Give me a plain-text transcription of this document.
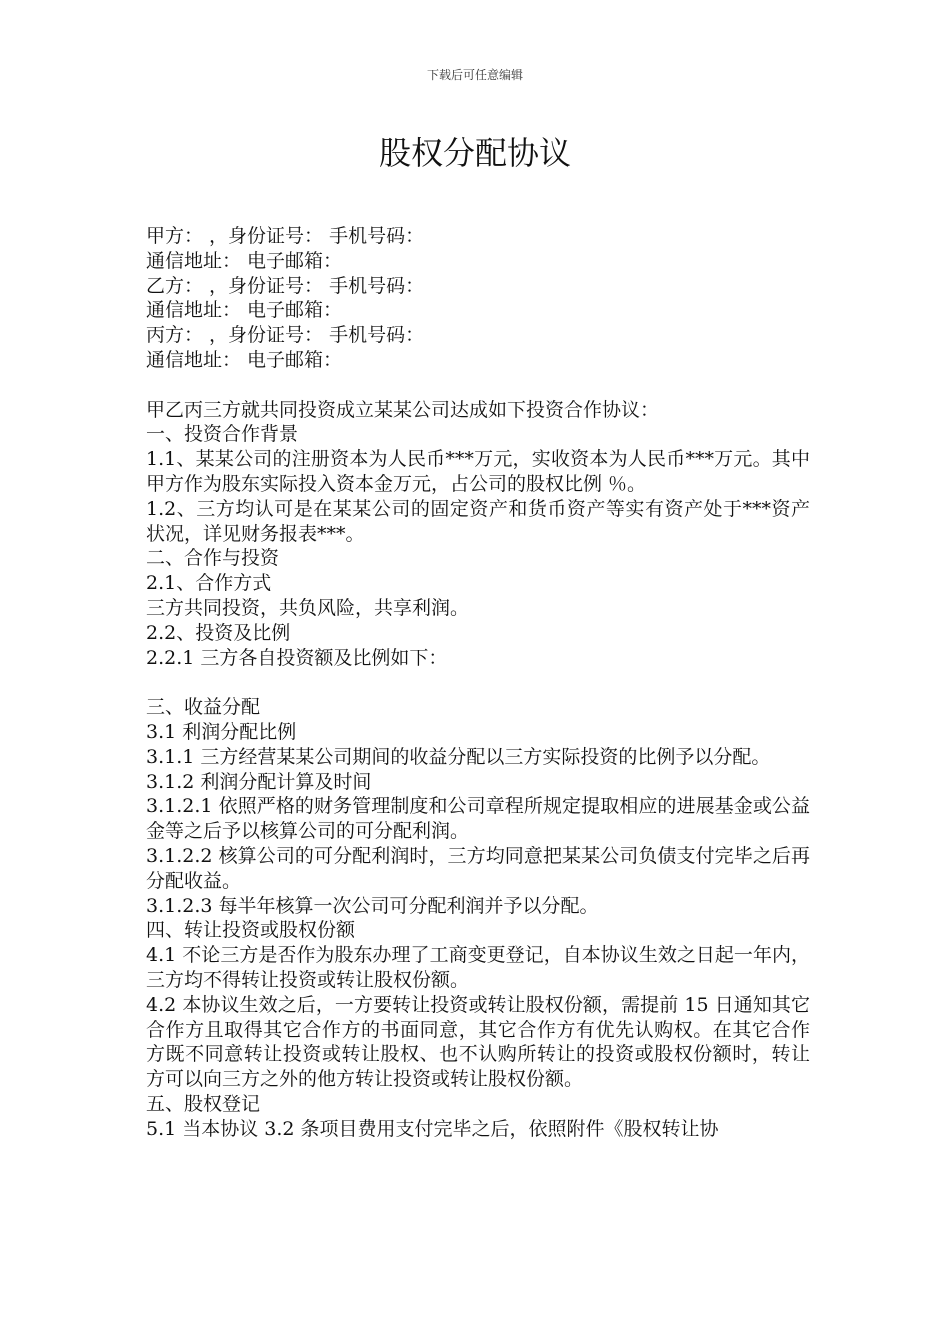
下载后可任意编辑
股权分配协议

甲方： ，身份证号： 手机号码：

通信地址： 电子邮箱：

乙方： ，身份证号： 手机号码：

通信地址： 电子邮箱：

丙方： ，身份证号： 手机号码：

通信地址： 电子邮箱：

甲乙丙三方就共同投资成立某某公司达成如下投资合作协议：

一、投资合作背景

1.1、某某公司的注册资本为人民币***万元，实收资本为人民币***万元。其中甲方作为股东实际投入资本金万元，占公司的股权比例 ％。

1.2、三方均认可是在某某公司的固定资产和货币资产等实有资产处于***资产状况，详见财务报表***。

二、合作与投资

2.1、合作方式

三方共同投资，共负风险，共享利润。

2.2、投资及比例

2.2.1 三方各自投资额及比例如下：

三、收益分配

3.1 利润分配比例

3.1.1 三方经营某某公司期间的收益分配以三方实际投资的比例予以分配。

3.1.2 利润分配计算及时间

3.1.2.1 依照严格的财务管理制度和公司章程所规定提取相应的进展基金或公益金等之后予以核算公司的可分配利润。

3.1.2.2 核算公司的可分配利润时，三方均同意把某某公司负债支付完毕之后再分配收益。

3.1.2.3 每半年核算一次公司可分配利润并予以分配。

四、转让投资或股权份额

4.1 不论三方是否作为股东办理了工商变更登记，自本协议生效之日起一年内，三方均不得转让投资或转让股权份额。

4.2 本协议生效之后，一方要转让投资或转让股权份额，需提前 15 日通知其它合作方且取得其它合作方的书面同意，其它合作方有优先认购权。在其它合作方既不同意转让投资或转让股权、也不认购所转让的投资或股权份额时，转让方可以向三方之外的他方转让投资或转让股权份额。

五、股权登记

5.1 当本协议 3.2 条项目费用支付完毕之后，依照附件《股权转让协
